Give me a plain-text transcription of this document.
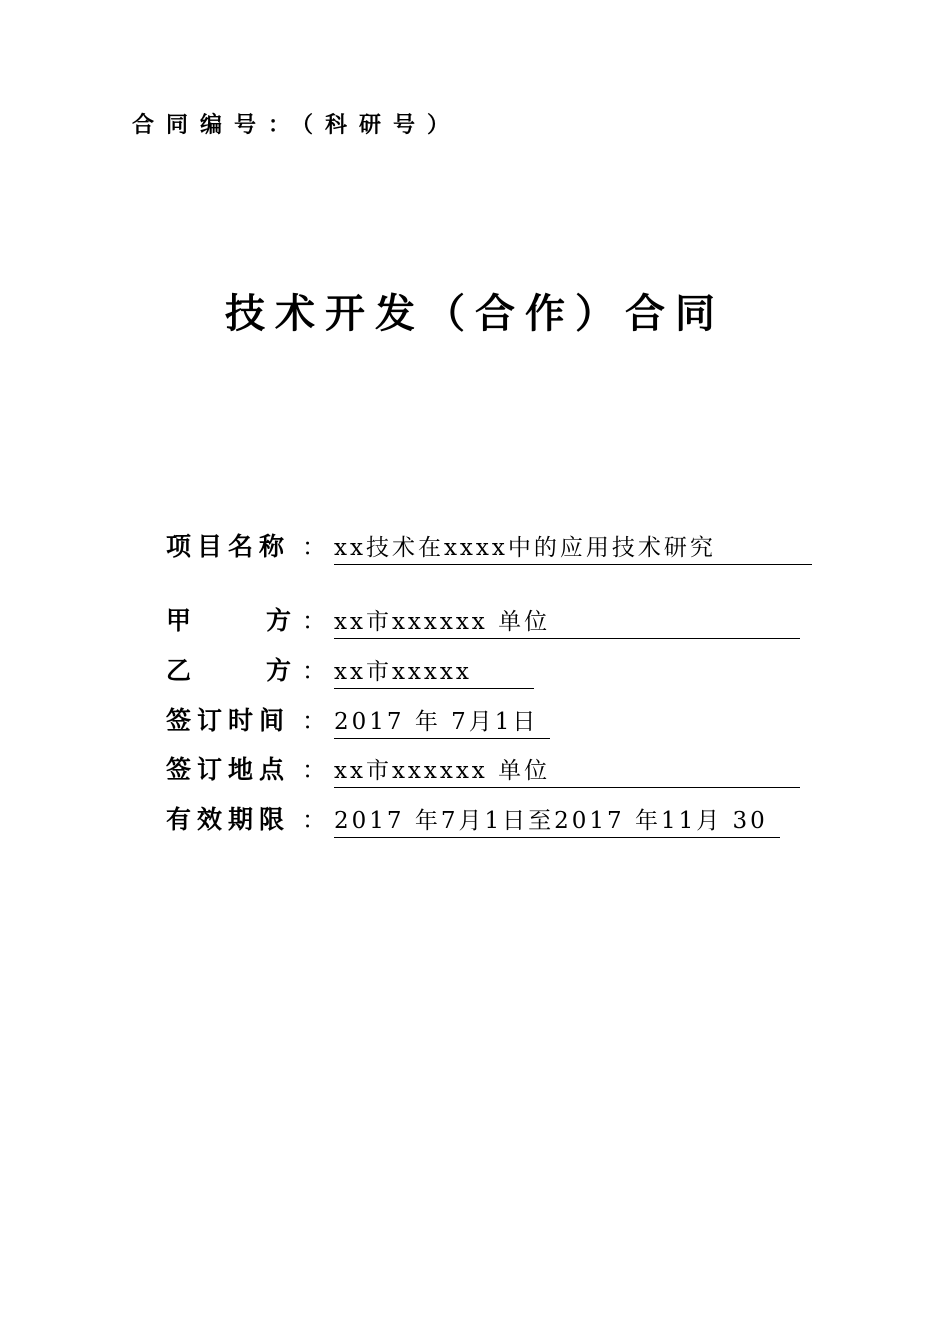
合同编号：（科研号）
技术开发（合作）合同
项目名称 ： xx技术在xxxx中的应用技术研究
甲	方 ： xx市xxxxxx 单位
乙	方 ： xx市xxxxx
签订时间 ： 2017 年 7月1日
签订地点 ： xx市xxxxxx 单位
有效期限 ： 2017 年7月1日至2017 年11月 30
